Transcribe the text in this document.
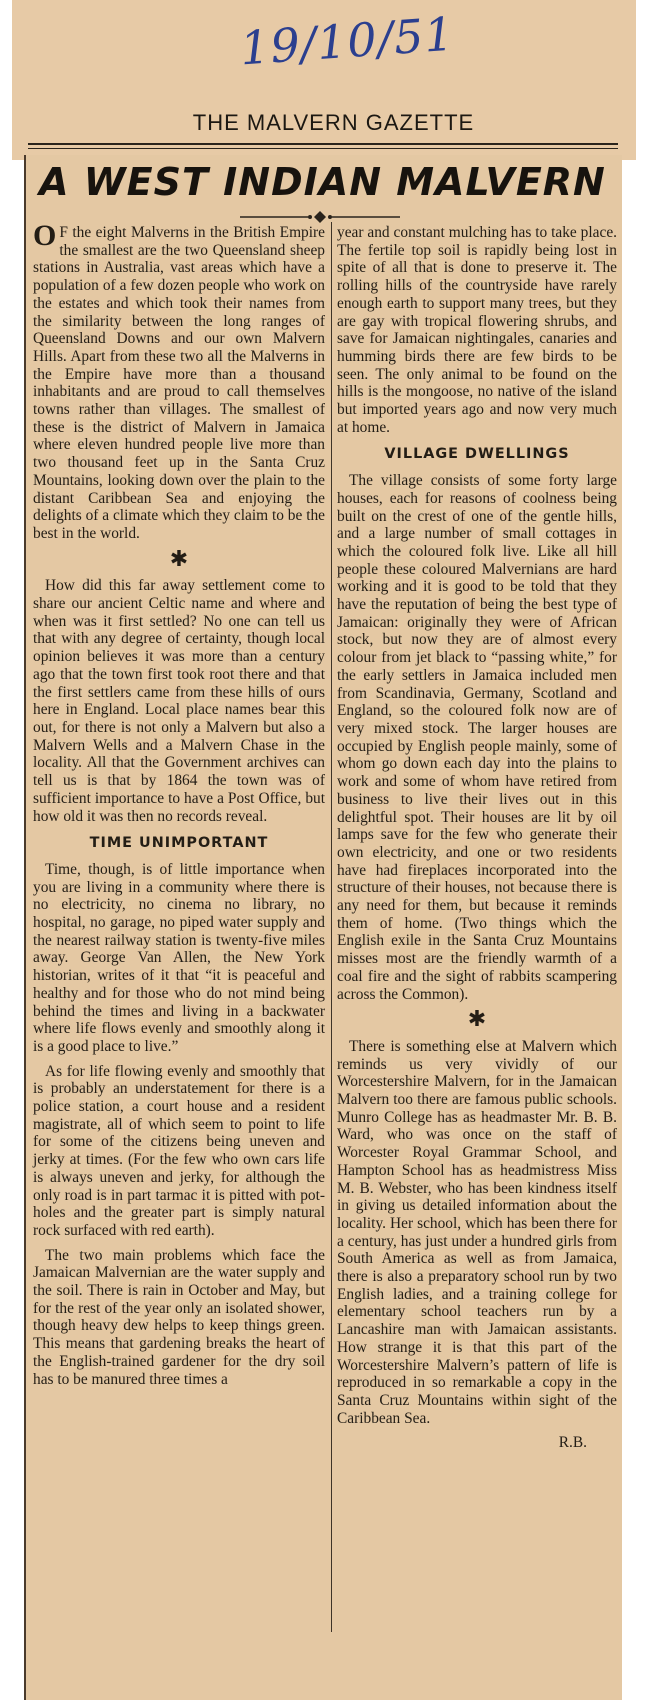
19/10/51
THE MALVERN GAZETTE
A WEST INDIAN MALVERN

O F the eight Malverns in the British Empire the smallest are the two Queensland sheep stations in Australia, vast areas which have a population of a few dozen people who work on the estates and which took their names from the similarity between the long ranges of Queensland Downs and our own Malvern Hills. Apart from these two all the Malverns in the Empire have more than a thousand inhabitants and are proud to call themselves towns rather than villages. The smallest of these is the district of Malvern in Jamaica where eleven hundred people live more than two thousand feet up in the Santa Cruz Mountains, looking down over the plain to the distant Caribbean Sea and enjoying the delights of a climate which they claim to be the best in the world.

✱

How did this far away settlement come to share our ancient Celtic name and where and when was it first settled? No one can tell us that with any degree of certainty, though local opinion believes it was more than a century ago that the town first took root there and that the first settlers came from these hills of ours here in England. Local place names bear this out, for there is not only a Malvern but also a Malvern Wells and a Malvern Chase in the locality. All that the Government archives can tell us is that by 1864 the town was of sufficient importance to have a Post Office, but how old it was then no records reveal.

TIME UNIMPORTANT

Time, though, is of little importance when you are living in a community where there is no electricity, no cinema no library, no hospital, no garage, no piped water supply and the nearest railway station is twenty-five miles away. George Van Allen, the New York historian, writes of it that “it is peaceful and healthy and for those who do not mind being behind the times and living in a backwater where life flows evenly and smoothly along it is a good place to live.”

As for life flowing evenly and smoothly that is probably an understatement for there is a police station, a court house and a resident magistrate, all of which seem to point to life for some of the citizens being uneven and jerky at times. (For the few who own cars life is always uneven and jerky, for although the only road is in part tarmac it is pitted with pot-holes and the greater part is simply natural rock surfaced with red earth).

The two main problems which face the Jamaican Malvernian are the water supply and the soil. There is rain in October and May, but for the rest of the year only an isolated shower, though heavy dew helps to keep things green. This means that gardening breaks the heart of the English-trained gardener for the dry soil has to be manured three times a

year and constant mulching has to take place. The fertile top soil is rapidly being lost in spite of all that is done to preserve it. The rolling hills of the countryside have rarely enough earth to support many trees, but they are gay with tropical flowering shrubs, and save for Jamaican nightingales, canaries and humming birds there are few birds to be seen. The only animal to be found on the hills is the mongoose, no native of the island but imported years ago and now very much at home.

VILLAGE DWELLINGS

The village consists of some forty large houses, each for reasons of coolness being built on the crest of one of the gentle hills, and a large number of small cottages in which the coloured folk live. Like all hill people these coloured Malvernians are hard working and it is good to be told that they have the reputation of being the best type of Jamaican: originally they were of African stock, but now they are of almost every colour from jet black to “passing white,” for the early settlers in Jamaica included men from Scandinavia, Germany, Scotland and England, so the coloured folk now are of very mixed stock. The larger houses are occupied by English people mainly, some of whom go down each day into the plains to work and some of whom have retired from business to live their lives out in this delightful spot. Their houses are lit by oil lamps save for the few who generate their own electricity, and one or two residents have had fireplaces incorporated into the structure of their houses, not because there is any need for them, but because it reminds them of home. (Two things which the English exile in the Santa Cruz Mountains misses most are the friendly warmth of a coal fire and the sight of rabbits scampering across the Common).

✱

There is something else at Malvern which reminds us very vividly of our Worcestershire Malvern, for in the Jamaican Malvern too there are famous public schools. Munro College has as headmaster Mr. B. B. Ward, who was once on the staff of Worcester Royal Grammar School, and Hampton School has as headmistress Miss M. B. Webster, who has been kindness itself in giving us detailed information about the locality. Her school, which has been there for a century, has just under a hundred girls from South America as well as from Jamaica, there is also a preparatory school run by two English ladies, and a training college for elementary school teachers run by a Lancashire man with Jamaican assistants. How strange it is that this part of the Worcestershire Malvern’s pattern of life is reproduced in so remarkable a copy in the Santa Cruz Mountains within sight of the Caribbean Sea.

R.B.
